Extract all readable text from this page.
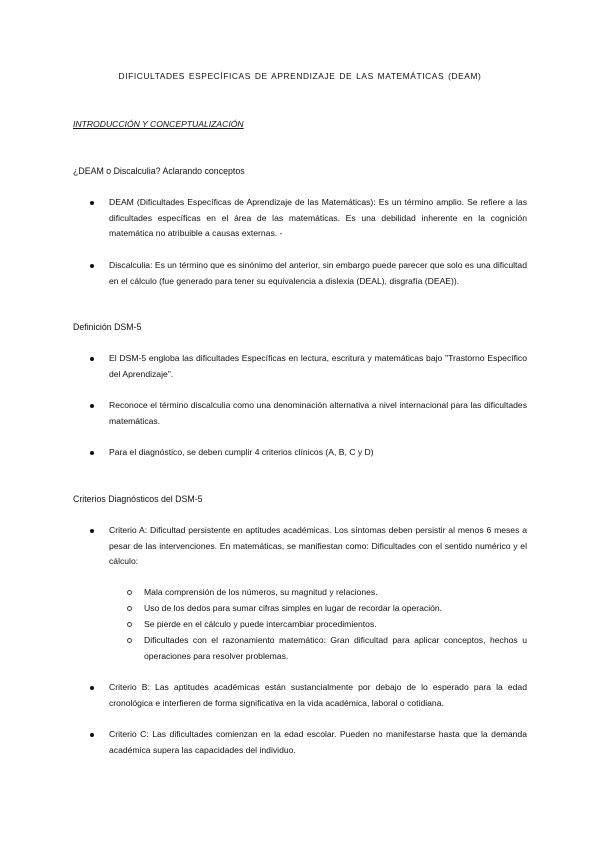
DIFICULTADES ESPECÍFICAS DE APRENDIZAJE DE LAS MATEMÁTICAS (DEAM)
INTRODUCCIÓN Y CONCEPTUALIZACIÓN
¿DEAM o Discalculia? Aclarando conceptos

DEAM (Dificultades Específicas de Aprendizaje de las Matemáticas): Es un término amplio. Se refiere a las dificultades específicas en el área de las matemáticas. Es una debilidad inherente en la cognición matemática no atribuible a causas externas. -

Discalculia: Es un término que es sinónimo del anterior, sin embargo puede parecer que solo es una dificultad en el cálculo (fue generado para tener su equivalencia a dislexia (DEAL), disgrafía (DEAE)).

Definición DSM-5

El DSM-5 engloba las dificultades Específicas en lectura, escritura y matemáticas bajo "Trastorno Específico del Aprendizaje".

Reconoce el término discalculia como una denominación alternativa a nivel internacional para las dificultades matemáticas.

Para el diagnóstico, se deben cumplir 4 criterios clínicos (A, B, C y D)

Criterios Diagnósticos del DSM-5

Criterio A: Dificultad persistente en aptitudes académicas. Los síntomas deben persistir al menos 6 meses a pesar de las intervenciones. En matemáticas, se manifiestan como: Dificultades con el sentido numérico y el cálculo:

Mala comprensión de los números, su magnitud y relaciones.

Uso de los dedos para sumar cifras simples en lugar de recordar la operación.

Se pierde en el cálculo y puede intercambiar procedimientos.

Dificultades con el razonamiento matemático: Gran dificultad para aplicar conceptos, hechos u operaciones para resolver problemas.

Criterio B: Las aptitudes académicas están sustancialmente por debajo de lo esperado para la edad cronológica e interfieren de forma significativa en la vida académica, laboral o cotidiana.

Criterio C: Las dificultades comienzan en la edad escolar. Pueden no manifestarse hasta que la demanda académica supera las capacidades del individuo.
